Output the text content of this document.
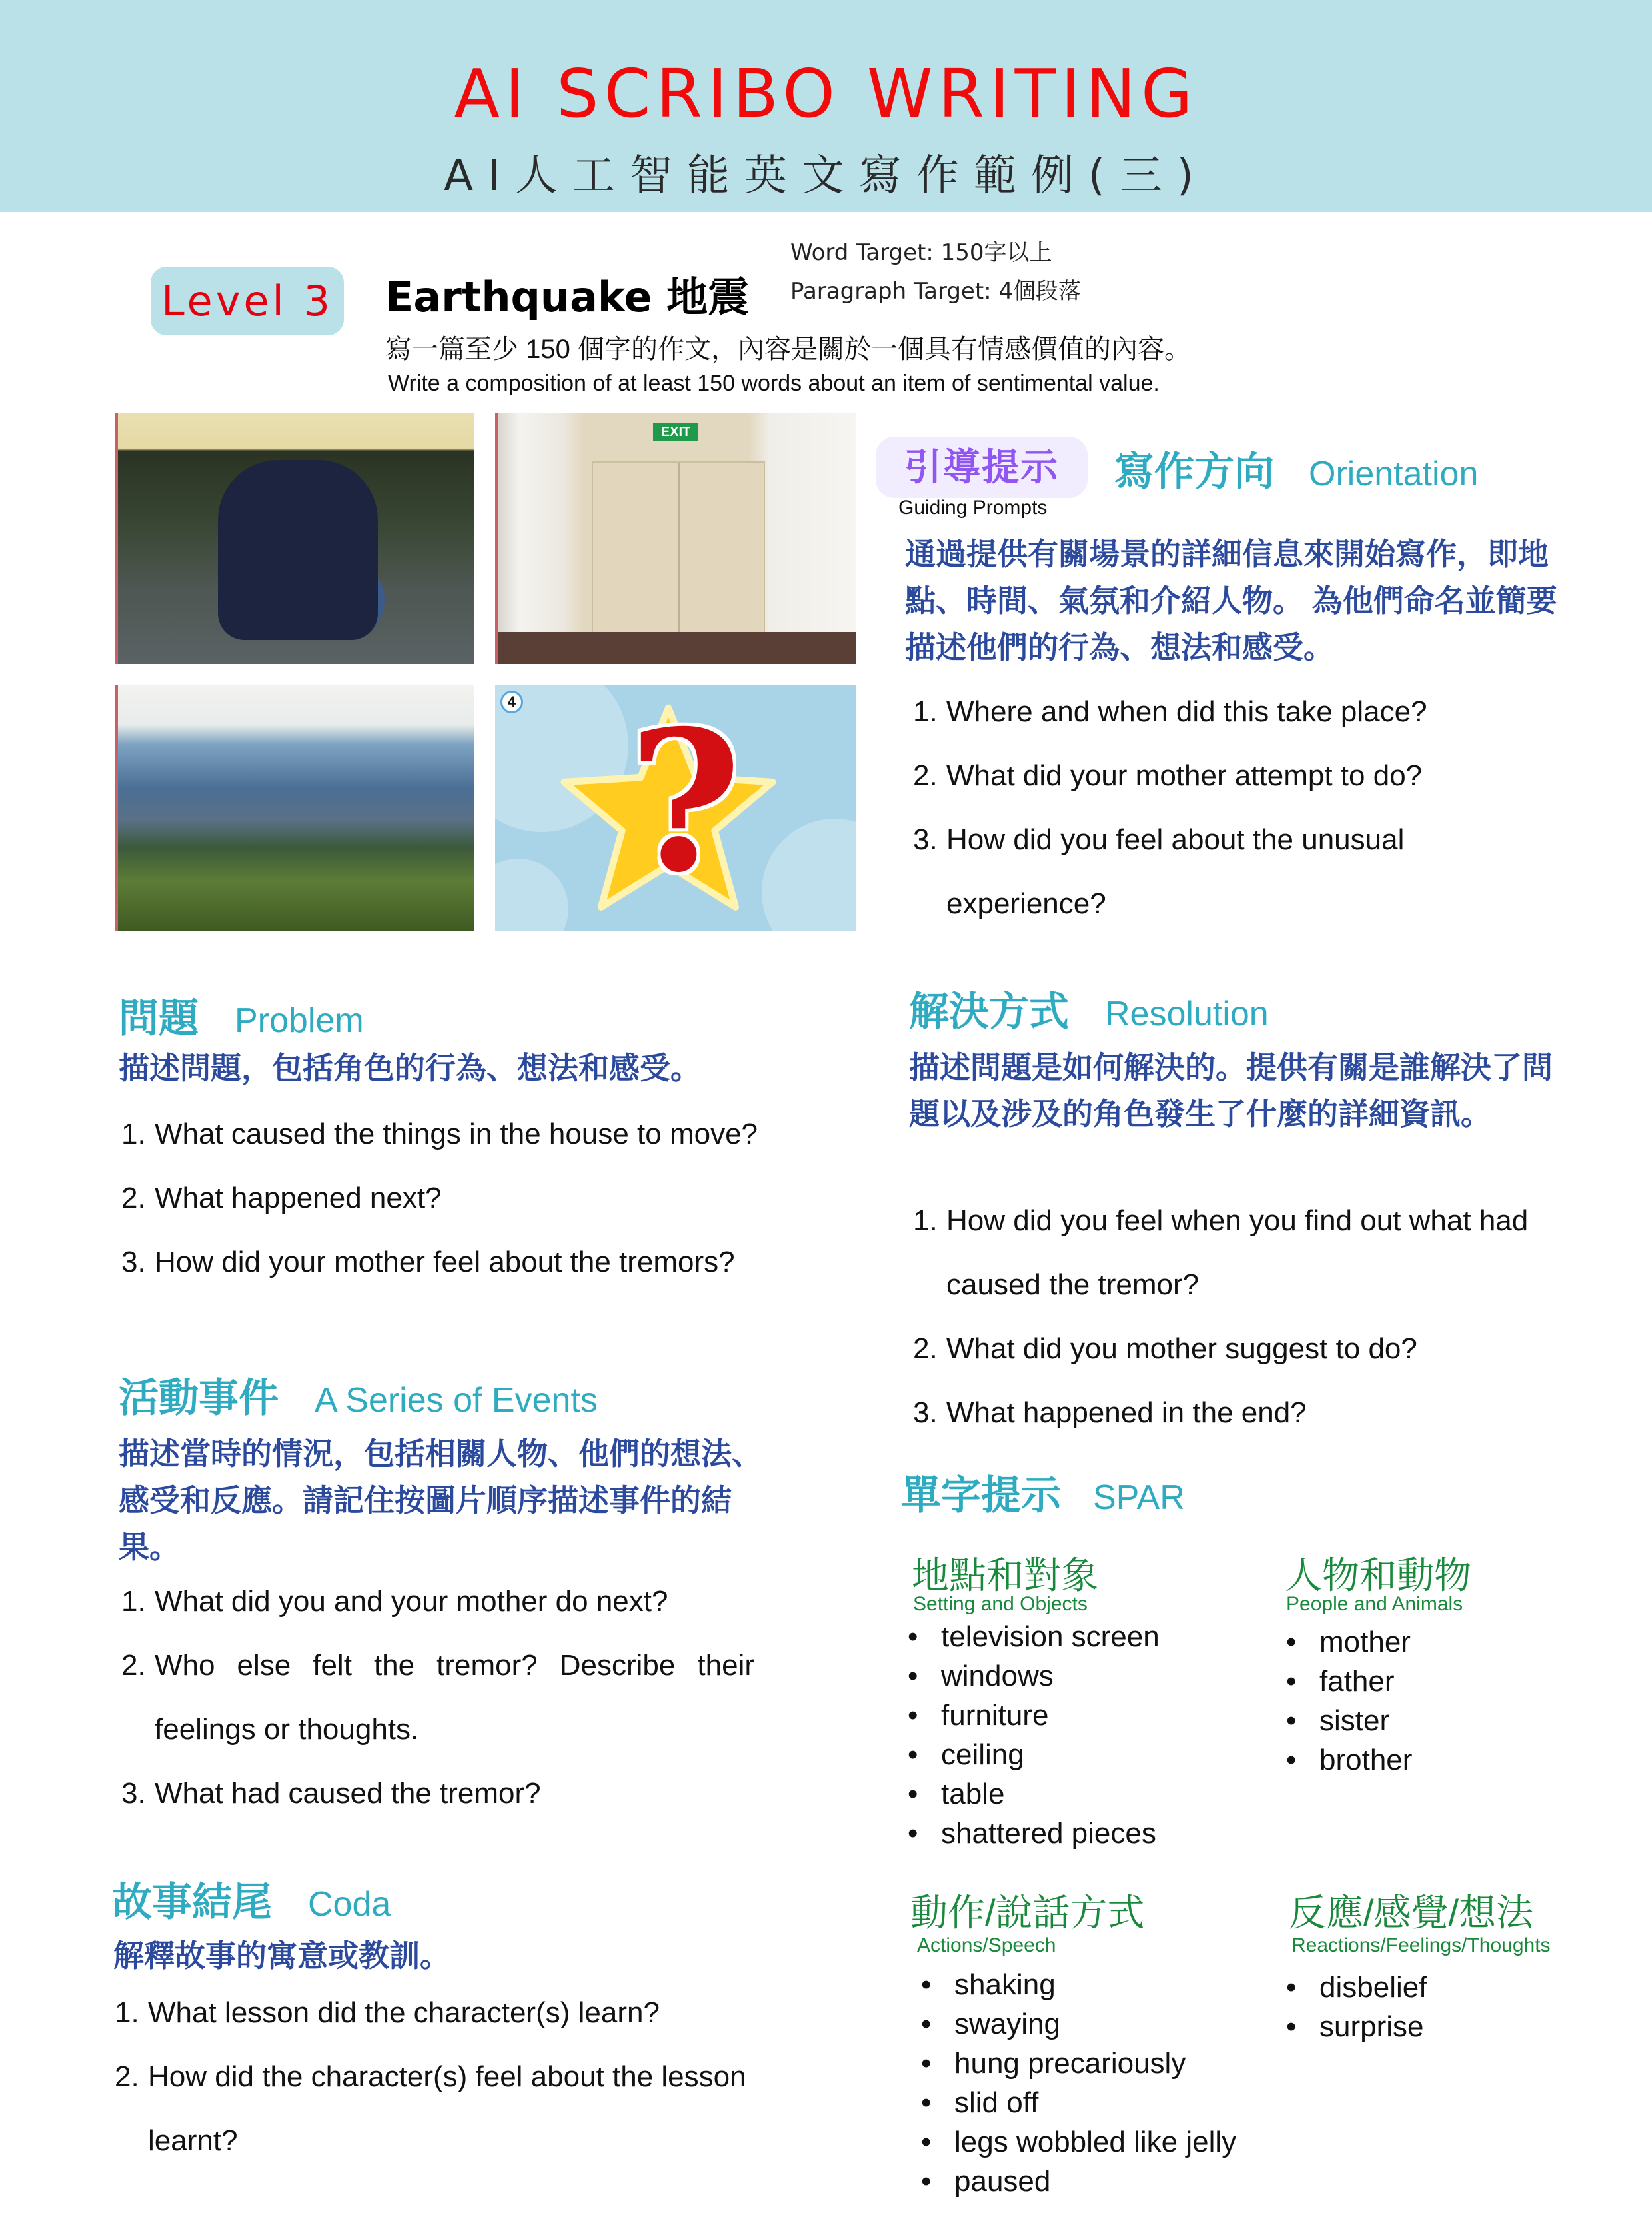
AI SCRIBO WRITING
AI人工智能英文寫作範例(三)
Level 3 Earthquake 地震
Word Target: 150字以上
Paragraph Target: 4個段落
寫一篇至少 150 個字的作文，內容是關於一個具有情感價值的內容。
Write a composition of at least 150 words about an item of sentimental value.
EXIT
?
4
引導提示
Guiding Prompts
寫作方向 Orientation
通過提供有關場景的詳細信息來開始寫作，即地點、時間、氣氛和介紹人物。 為他們命名並簡要描述他們的行為、想法和感受。
1. Where and when did this take place?
2. What did your mother attempt to do?
3. How did you feel about the unusual experience?
問題 Problem
描述問題，包括角色的行為、想法和感受。
1. What caused the things in the house to move?
2. What happened next?
3. How did your mother feel about the tremors?
活動事件 A Series of Events
描述當時的情況，包括相關人物、他們的想法、感受和反應。請記住按圖片順序描述事件的結果。
1. What did you and your mother do next?
2. Who else felt the tremor? Describe their feelings or thoughts.
3. What had caused the tremor?
故事結尾 Coda
解釋故事的寓意或教訓。
1. What lesson did the character(s) learn?
2. How did the character(s) feel about the lesson learnt?
解決方式 Resolution
描述問題是如何解決的。提供有關是誰解決了問題以及涉及的角色發生了什麼的詳細資訊。
1. How did you feel when you find out what had caused the tremor?
2. What did you mother suggest to do?
3. What happened in the end?
單字提示 SPAR
地點和對象
Setting and Objects
• television screen
• windows
• furniture
• ceiling
• table
• shattered pieces
人物和動物
People and Animals
• mother
• father
• sister
• brother
動作/說話方式
Actions/Speech
• shaking
• swaying
• hung precariously
• slid off
• legs wobbled like jelly
• paused
反應/感覺/想法
Reactions/Feelings/Thoughts
• disbelief
• surprise
